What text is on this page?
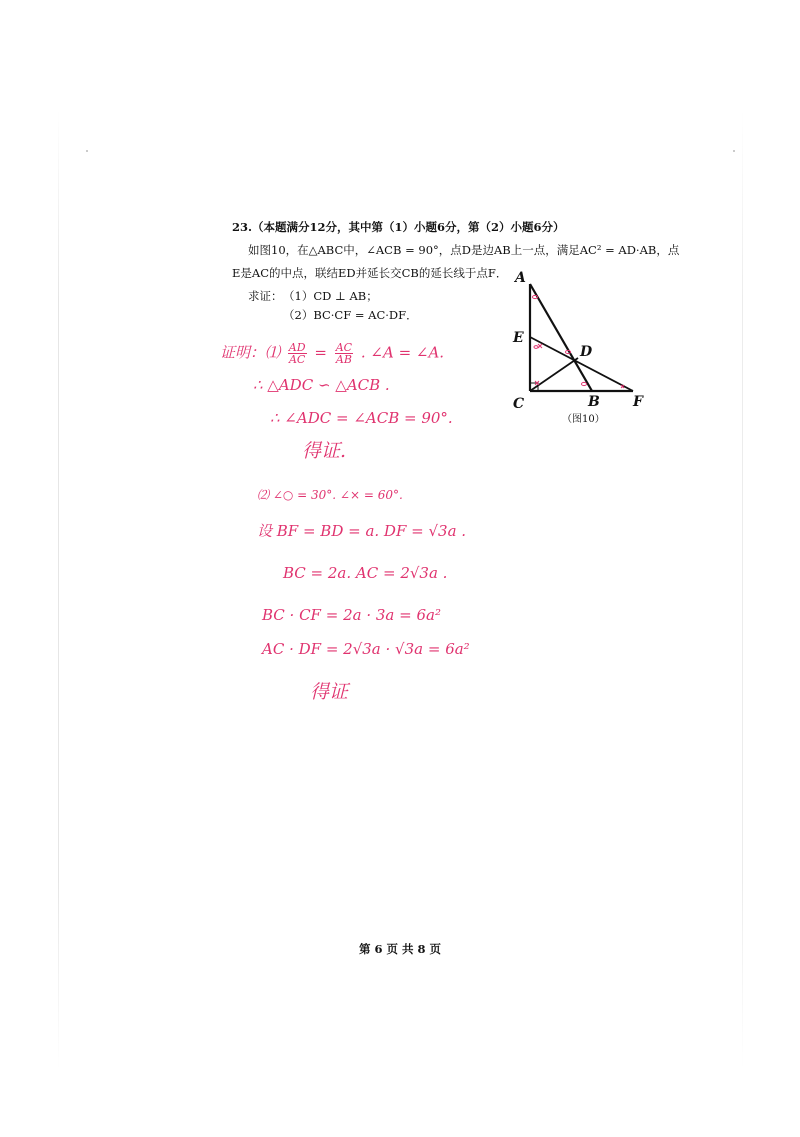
23.（本题满分12分，其中第（1）小题6分，第（2）小题6分）
如图10，在△ABC中，∠ACB = 90°，点D是边AB上一点，满足AC² = AD·AB，点
E是AC的中点，联结ED并延长交CB的延长线于点F．
求证： （1）CD ⊥ AB；
（2）BC·CF = AC·DF．
A
E
D
C	B F
（图10）
证明：⑴ $\frac{AD}{AC} = \frac{AC}{AB}$ . ∠A = ∠A.
∴ △ADC ∽ △ACB .
∴ ∠ADC = ∠ACB = 90°.
得证.
⑵ ∠○ = 30°. ∠× = 60°.
设 BF = BD = a. DF = √3a .
BC = 2a. AC = 2√3a .
BC · CF = 2a · 3a = 6a²
AC · DF = 2√3a · √3a = 6a²
得证
第 6 页 共 8 页
